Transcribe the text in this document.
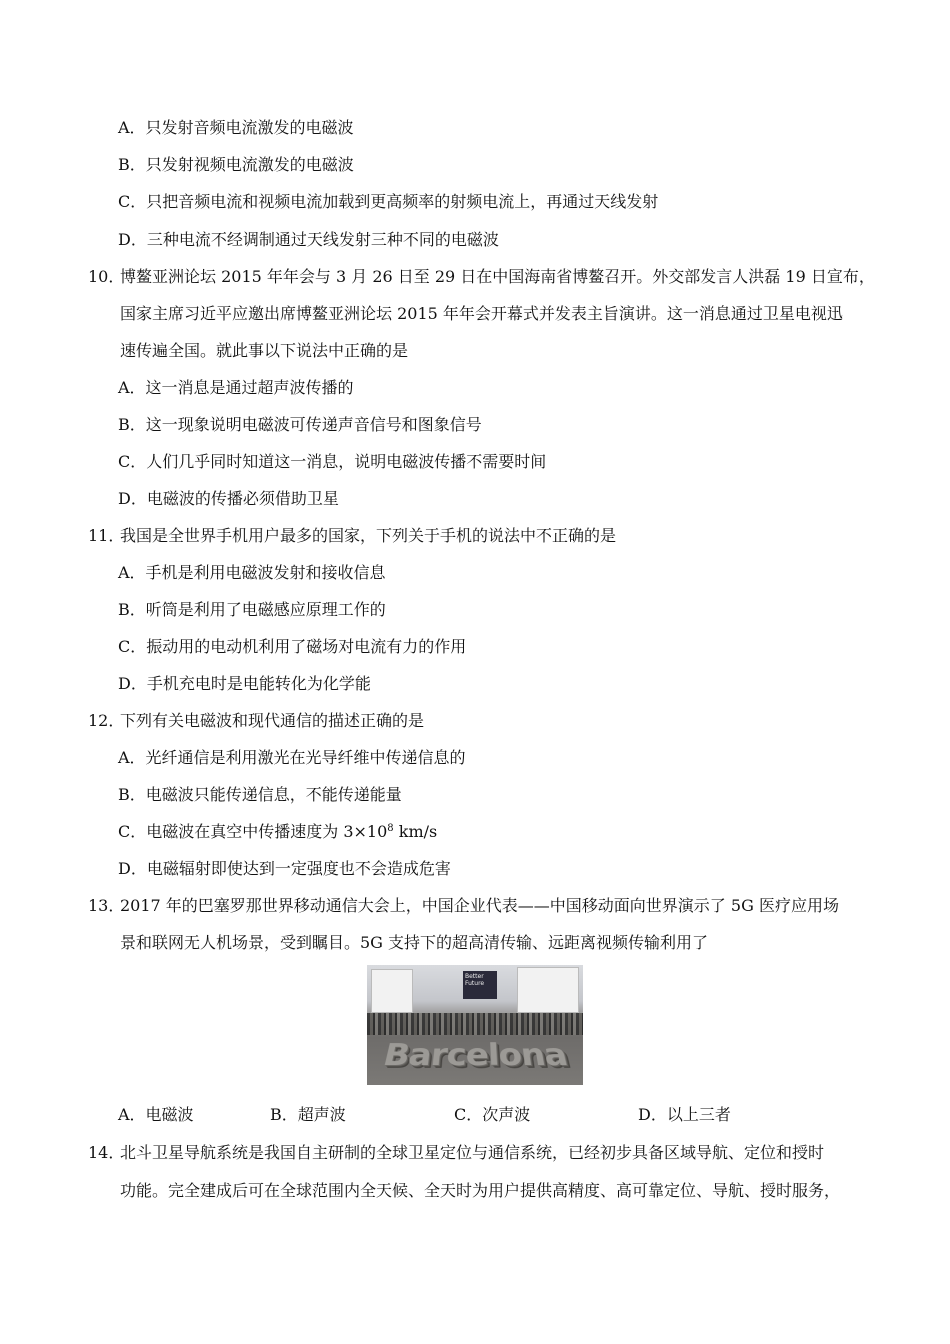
A．只发射音频电流激发的电磁波
B．只发射视频电流激发的电磁波
C．只把音频电流和视频电流加载到更高频率的射频电流上，再通过天线发射
D．三种电流不经调制通过天线发射三种不同的电磁波
10．
博鳌亚洲论坛 2015 年年会与 3 月 26 日至 29 日在中国海南省博鳌召开。外交部发言人洪磊 19 日宣布，
国家主席习近平应邀出席博鳌亚洲论坛 2015 年年会开幕式并发表主旨演讲。这一消息通过卫星电视迅
速传遍全国。就此事以下说法中正确的是
A．这一消息是通过超声波传播的
B．这一现象说明电磁波可传递声音信号和图象信号
C．人们几乎同时知道这一消息，说明电磁波传播不需要时间
D．电磁波的传播必须借助卫星
11．
我国是全世界手机用户最多的国家，下列关于手机的说法中不正确的是
A．手机是利用电磁波发射和接收信息
B．听筒是利用了电磁感应原理工作的
C．振动用的电动机利用了磁场对电流有力的作用
D．手机充电时是电能转化为化学能
12．
下列有关电磁波和现代通信的描述正确的是
A．光纤通信是利用激光在光导纤维中传递信息的
B．电磁波只能传递信息，不能传递能量
C．电磁波在真空中传播速度为 $3\times 10^8$ km/s
D．电磁辐射即使达到一定强度也不会造成危害
13．
2017 年的巴塞罗那世界移动通信大会上，中国企业代表——中国移动面向世界演示了 5G 医疗应用场
景和联网无人机场景，受到瞩目。5G 支持下的超高清传输、远距离视频传输利用了
Better Future
Barcelona
A．电磁波	B．超声波	C．次声波	D．以上三者
14．
北斗卫星导航系统是我国自主研制的全球卫星定位与通信系统，已经初步具备区域导航、定位和授时
功能。完全建成后可在全球范围内全天候、全天时为用户提供高精度、高可靠定位、导航、授时服务，
